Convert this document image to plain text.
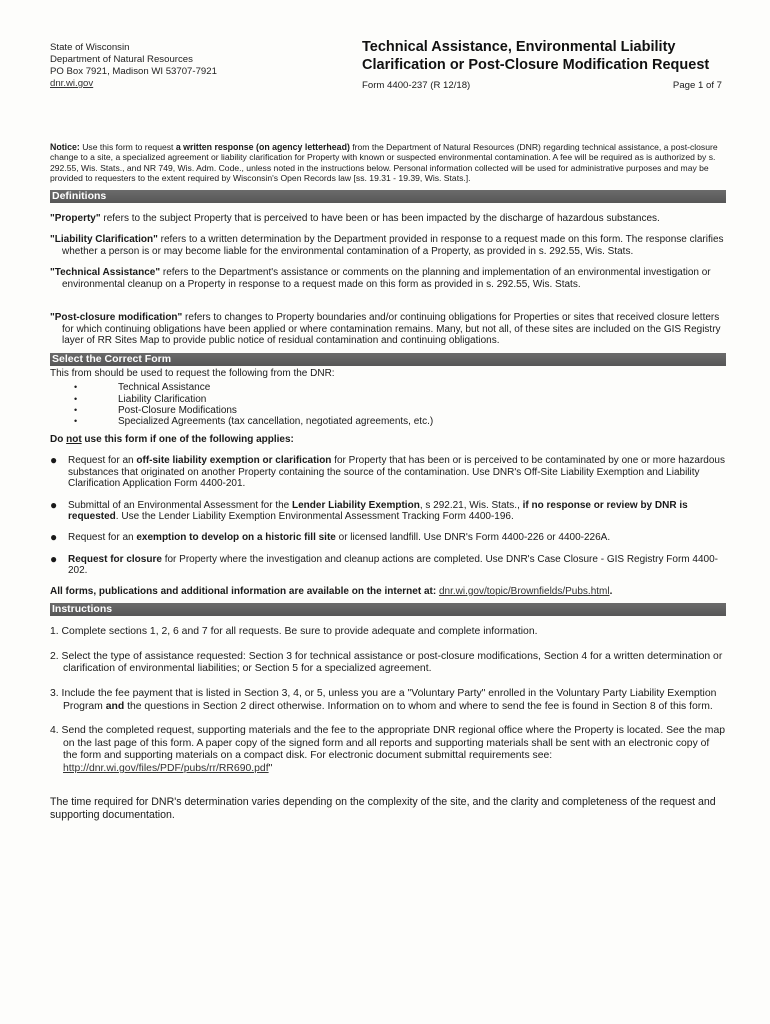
State of Wisconsin
Department of Natural Resources
PO Box 7921, Madison WI 53707-7921
dnr.wi.gov
Technical Assistance, Environmental Liability
Clarification or Post-Closure Modification Request
Form 4400-237 (R 12/18)	Page 1 of 7
Notice: Use this form to request a written response (on agency letterhead) from the Department of Natural Resources (DNR) regarding technical assistance, a post-closure change to a site, a specialized agreement or liability clarification for Property with known or suspected environmental contamination. A fee will be required as is authorized by s. 292.55, Wis. Stats., and NR 749, Wis. Adm. Code., unless noted in the instructions below. Personal information collected will be used for administrative purposes and may be provided to requesters to the extent required by Wisconsin's Open Records law [ss. 19.31 - 19.39, Wis. Stats.].
Definitions
"Property" refers to the subject Property that is perceived to have been or has been impacted by the discharge of hazardous substances.
"Liability Clarification" refers to a written determination by the Department provided in response to a request made on this form. The response clarifies whether a person is or may become liable for the environmental contamination of a Property, as provided in s. 292.55, Wis. Stats.
"Technical Assistance" refers to the Department's assistance or comments on the planning and implementation of an environmental investigation or environmental cleanup on a Property in response to a request made on this form as provided in s. 292.55, Wis. Stats.
"Post-closure modification" refers to changes to Property boundaries and/or continuing obligations for Properties or sites that received closure letters for which continuing obligations have been applied or where contamination remains. Many, but not all, of these sites are included on the GIS Registry layer of RR Sites Map to provide public notice of residual contamination and continuing obligations.
Select the Correct Form
This from should be used to request the following from the DNR:
• Technical Assistance
• Liability Clarification
• Post-Closure Modifications
• Specialized Agreements (tax cancellation, negotiated agreements, etc.)
Do not use this form if one of the following applies:
● Request for an off-site liability exemption or clarification for Property that has been or is perceived to be contaminated by one or more hazardous substances that originated on another Property containing the source of the contamination. Use DNR's Off-Site Liability Exemption and Liability Clarification Application Form 4400-201.
● Submittal of an Environmental Assessment for the Lender Liability Exemption, s 292.21, Wis. Stats., if no response or review by DNR is requested. Use the Lender Liability Exemption Environmental Assessment Tracking Form 4400-196.
● Request for an exemption to develop on a historic fill site or licensed landfill. Use DNR's Form 4400-226 or 4400-226A.
● Request for closure for Property where the investigation and cleanup actions are completed. Use DNR's Case Closure - GIS Registry Form 4400-202.
All forms, publications and additional information are available on the internet at: dnr.wi.gov/topic/Brownfields/Pubs.html.
Instructions
1. Complete sections 1, 2, 6 and 7 for all requests. Be sure to provide adequate and complete information.
2. Select the type of assistance requested: Section 3 for technical assistance or post-closure modifications, Section 4 for a written determination or clarification of environmental liabilities; or Section 5 for a specialized agreement.
3. Include the fee payment that is listed in Section 3, 4, or 5, unless you are a "Voluntary Party" enrolled in the Voluntary Party Liability Exemption Program and the questions in Section 2 direct otherwise. Information on to whom and where to send the fee is found in Section 8 of this form.
4. Send the completed request, supporting materials and the fee to the appropriate DNR regional office where the Property is located. See the map on the last page of this form. A paper copy of the signed form and all reports and supporting materials shall be sent with an electronic copy of the form and supporting materials on a compact disk. For electronic document submittal requirements see: http://dnr.wi.gov/files/PDF/pubs/rr/RR690.pdf"
The time required for DNR's determination varies depending on the complexity of the site, and the clarity and completeness of the request and supporting documentation.
